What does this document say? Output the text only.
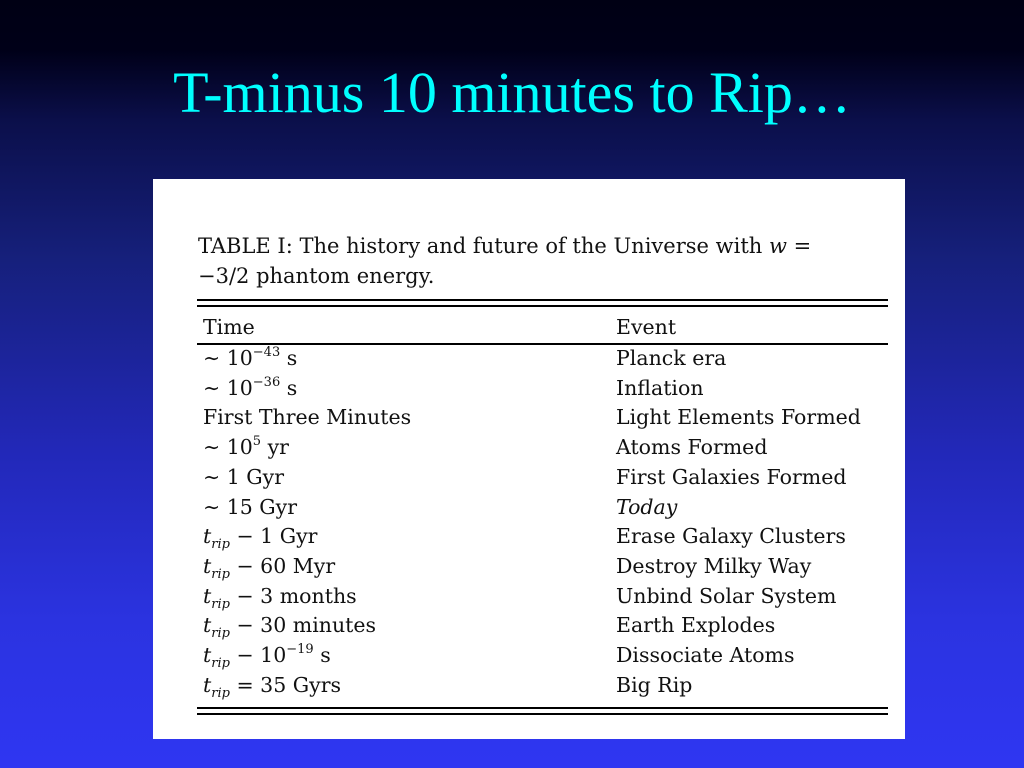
T-minus 10 minutes to Rip…
TABLE I: The history and future of the Universe with w =
−3/2 phantom energy.
Time	Event
∼ $10^{-43}$ s	Planck era
∼ $10^{-36}$ s	Inflation
First Three Minutes	Light Elements Formed
∼ $10^5$ yr	Atoms Formed
∼ 1 Gyr	First Galaxies Formed
∼ 15 Gyr	Today
$t_{rip} - 1$ Gyr	Erase Galaxy Clusters
$t_{rip} - 60$ Myr	Destroy Milky Way
$t_{rip} - 3$ months	Unbind Solar System
$t_{rip} - 30$ minutes	Earth Explodes
$t_{rip} - 10^{-19}$ s	Dissociate Atoms
$t_{rip} = 35$ Gyrs	Big Rip
